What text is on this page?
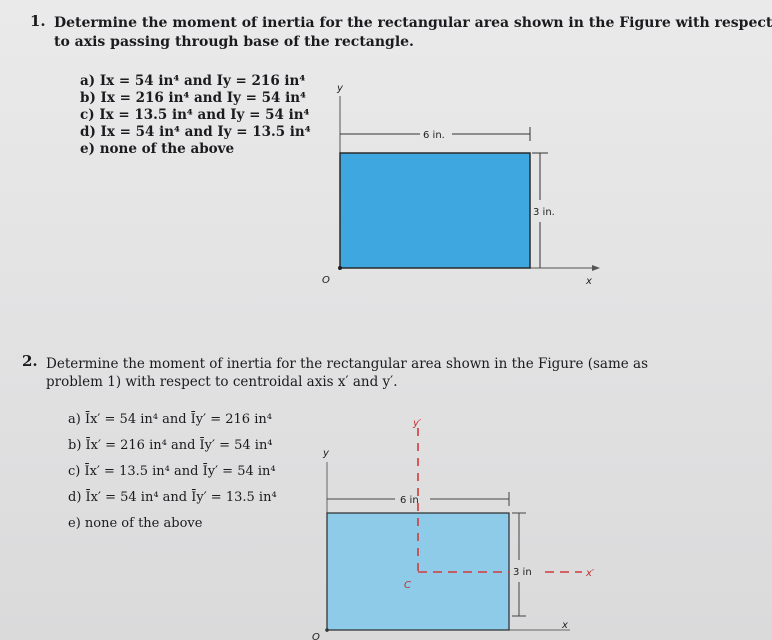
1. Determine the moment of inertia for the rectangular area shown in the Figure with respect
to axis passing through base of the rectangle.
a) Ix = 54 in⁴ and Iy = 216 in⁴
b) Ix = 216 in⁴ and Iy = 54 in⁴
c) Ix = 13.5 in⁴ and Iy = 54 in⁴
d) Ix = 54 in⁴ and Iy = 13.5 in⁴
e) none of the above
6 in.
3 in.
y
x
O
2. Determine the moment of inertia for the rectangular area shown in the Figure (same as
problem 1) with respect to centroidal axis x′ and y′.
a) Īx′ = 54 in⁴ and Īy′ = 216 in⁴
b) Īx′ = 216 in⁴ and Īy′ = 54 in⁴
c) Īx′ = 13.5 in⁴ and Īy′ = 54 in⁴
d) Īx′ = 54 in⁴ and Īy′ = 13.5 in⁴
e) none of the above
6 in
3 in
y
x
O
C
y′
x′
